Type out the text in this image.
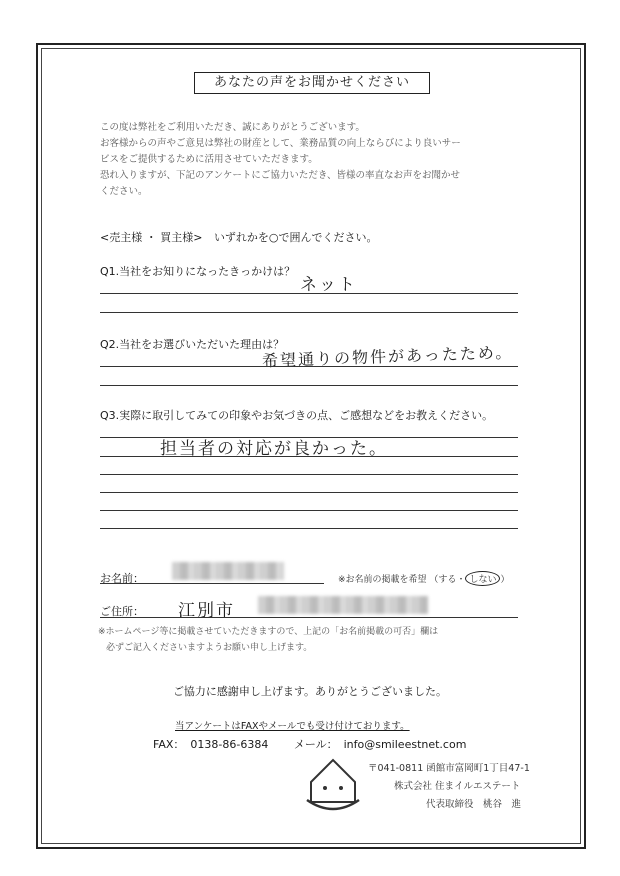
あなたの声をお聞かせください

この度は弊社をご利用いただき、誠にありがとうございます。

お客様からの声やご意見は弊社の財産として、業務品質の向上ならびにより良いサー

ビスをご提供するために活用させていただきます。

恐れ入りますが、下記のアンケートにご協力いただき、皆様の率直なお声をお聞かせ

ください。

<売主様 ・ 買主様> いずれかを○で囲んでください。
Q1.当社をお知りになったきっかけは？
ネット
Q2.当社をお選びいただいた理由は？
希望通りの物件があったため。
Q3.実際に取引してみての印象やお気づきの点、ご感想などをお教えください。
担当者の対応が良かった。
お名前：	※お名前の掲載を希望 （する・ しない ）
ご住所： 江別市
※ホームページ等に掲載させていただきますので、上記の「お名前掲載の可否」欄は
必ずご記入くださいますようお願い申し上げます。
ご協力に感謝申し上げます。ありがとうございました。
当アンケートはFAXやメールでも受け付けております。
FAX： 0138-86-6384 メール： info@smileestnet.com
〒041-0811 函館市富岡町1丁目47-1
株式会社 住まイルエステート
代表取締役　桃谷　進
